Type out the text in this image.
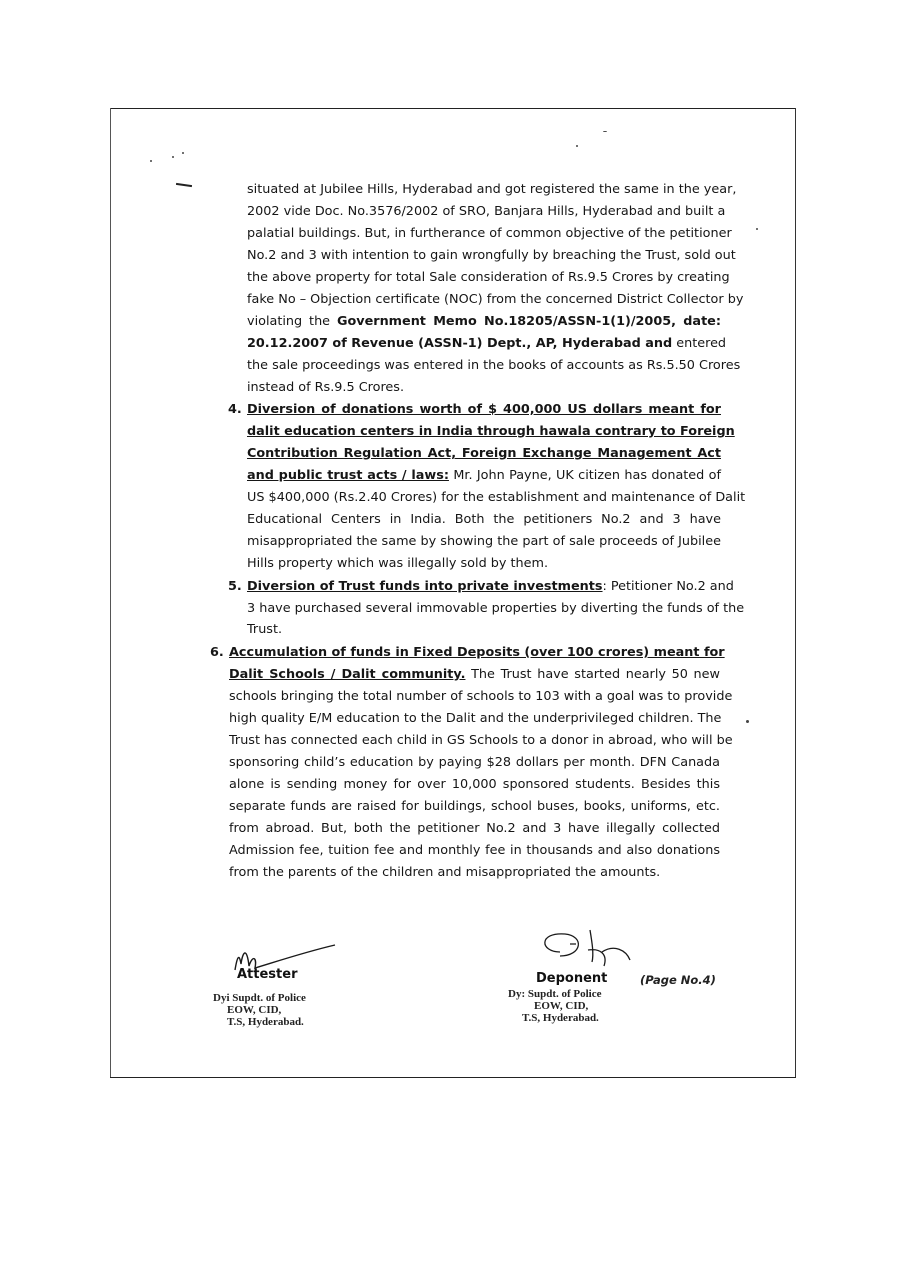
situated at Jubilee Hills, Hyderabad and got registered the same in the year,
2002 vide Doc. No.3576/2002 of SRO, Banjara Hills, Hyderabad and built a
palatial buildings. But, in furtherance of common objective of the petitioner
No.2 and 3 with intention to gain wrongfully by breaching the Trust, sold out
the above property for total Sale consideration of Rs.9.5 Crores by creating
fake No – Objection certificate (NOC) from the concerned District Collector by
violating the Government Memo No.18205/ASSN-1(1)/2005, date:
20.12.2007 of Revenue (ASSN-1) Dept., AP, Hyderabad and entered
the sale proceedings was entered in the books of accounts as Rs.5.50 Crores
instead of Rs.9.5 Crores.
4. Diversion of donations worth of $ 400,000 US dollars meant for
dalit education centers in India through hawala contrary to Foreign
Contribution Regulation Act, Foreign Exchange Management Act
and public trust acts / laws: Mr. John Payne, UK citizen has donated of
US $400,000 (Rs.2.40 Crores) for the establishment and maintenance of Dalit
Educational Centers in India. Both the petitioners No.2 and 3 have
misappropriated the same by showing the part of sale proceeds of Jubilee
Hills property which was illegally sold by them.
5. Diversion of Trust funds into private investments: Petitioner No.2 and
3 have purchased several immovable properties by diverting the funds of the
Trust.
6. Accumulation of funds in Fixed Deposits (over 100 crores) meant for
Dalit Schools / Dalit community. The Trust have started nearly 50 new
schools bringing the total number of schools to 103 with a goal was to provide
high quality E/M education to the Dalit and the underprivileged children. The
Trust has connected each child in GS Schools to a donor in abroad, who will be
sponsoring child’s education by paying $28 dollars per month. DFN Canada
alone is sending money for over 10,000 sponsored students. Besides this
separate funds are raised for buildings, school buses, books, uniforms, etc.
from abroad. But, both the petitioner No.2 and 3 have illegally collected
Admission fee, tuition fee and monthly fee in thousands and also donations
from the parents of the children and misappropriated the amounts.
Attester
Dyi Supdt. of Police
EOW, CID,
T.S, Hyderabad.
Deponent	(Page No.4)
Dy: Supdt. of Police
EOW, CID,
T.S, Hyderabad.
